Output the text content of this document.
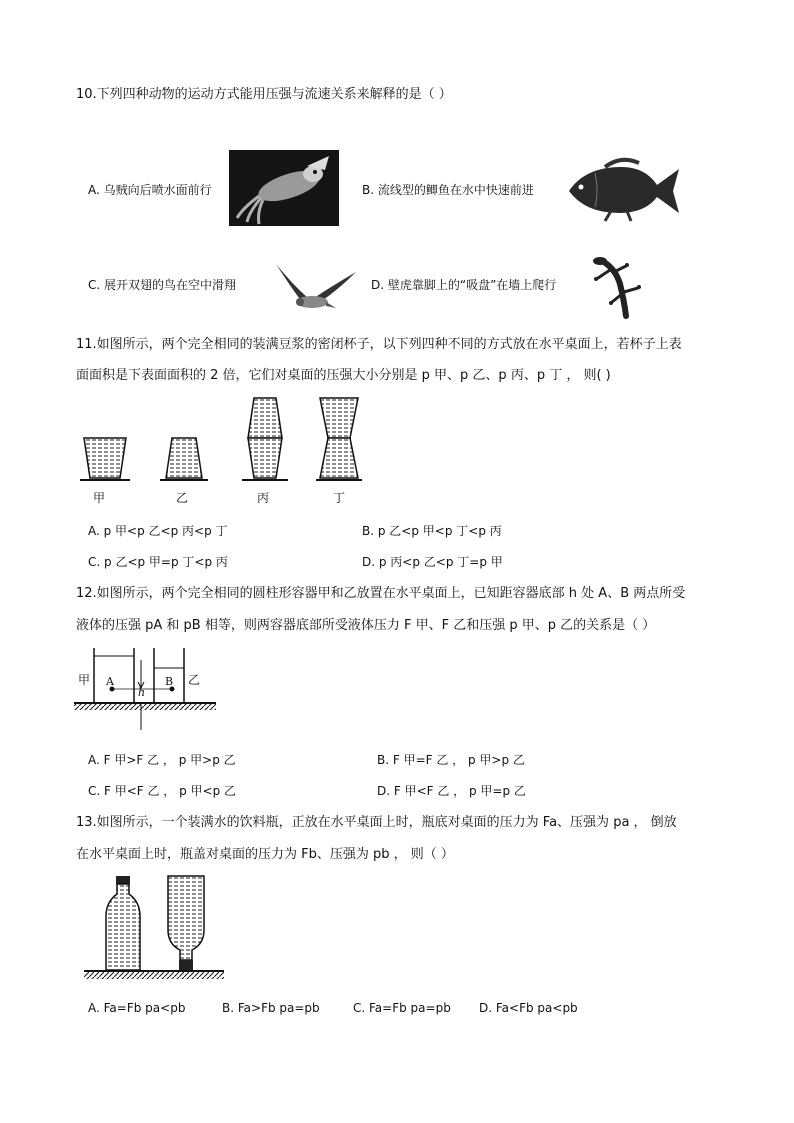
10.下列四种动物的运动方式能用压强与流速关系来解释的是（ ）
A. 乌贼向后喷水面前行	B. 流线型的鲫鱼在水中快速前进
C. 展开双翅的鸟在空中滑翔	D. 壁虎靠脚上的“吸盘”在墙上爬行
11.如图所示，两个完全相同的装满豆浆的密闭杯子，以下列四种不同的方式放在水平桌面上，若杯子上表
面面积是下表面面积的 2 倍，它们对桌面的压强大小分别是 p 甲、p 乙、p 丙、p 丁 ， 则( )
甲	乙	丙	丁
A. p 甲<p 乙<p 丙<p 丁	B. p 乙<p 甲<p 丁<p 丙
C. p 乙<p 甲=p 丁<p 丙	D. p 丙<p 乙<p 丁=p 甲
12.如图所示，两个完全相同的圆柱形容器甲和乙放置在水平桌面上，已知距容器底部 h 处 A、B 两点所受
液体的压强 pA 和 pB 相等，则两容器底部所受液体压力 F 甲、F 乙和压强 p 甲、p 乙的关系是（ ）
甲	乙
A	B
h
A. F 甲>F 乙 ， p 甲>p 乙	B. F 甲=F 乙 ， p 甲>p 乙
C. F 甲<F 乙 ， p 甲<p 乙	D. F 甲<F 乙 ， p 甲=p 乙
13.如图所示，一个装满水的饮料瓶，正放在水平桌面上时，瓶底对桌面的压力为 Fa、压强为 pa ， 倒放
在水平桌面上时，瓶盖对桌面的压力为 Fb、压强为 pb ， 则（ ）
A. Fa=Fb pa<pb	B. Fa>Fb pa=pb	C. Fa=Fb pa=pb D. Fa<Fb pa<pb
